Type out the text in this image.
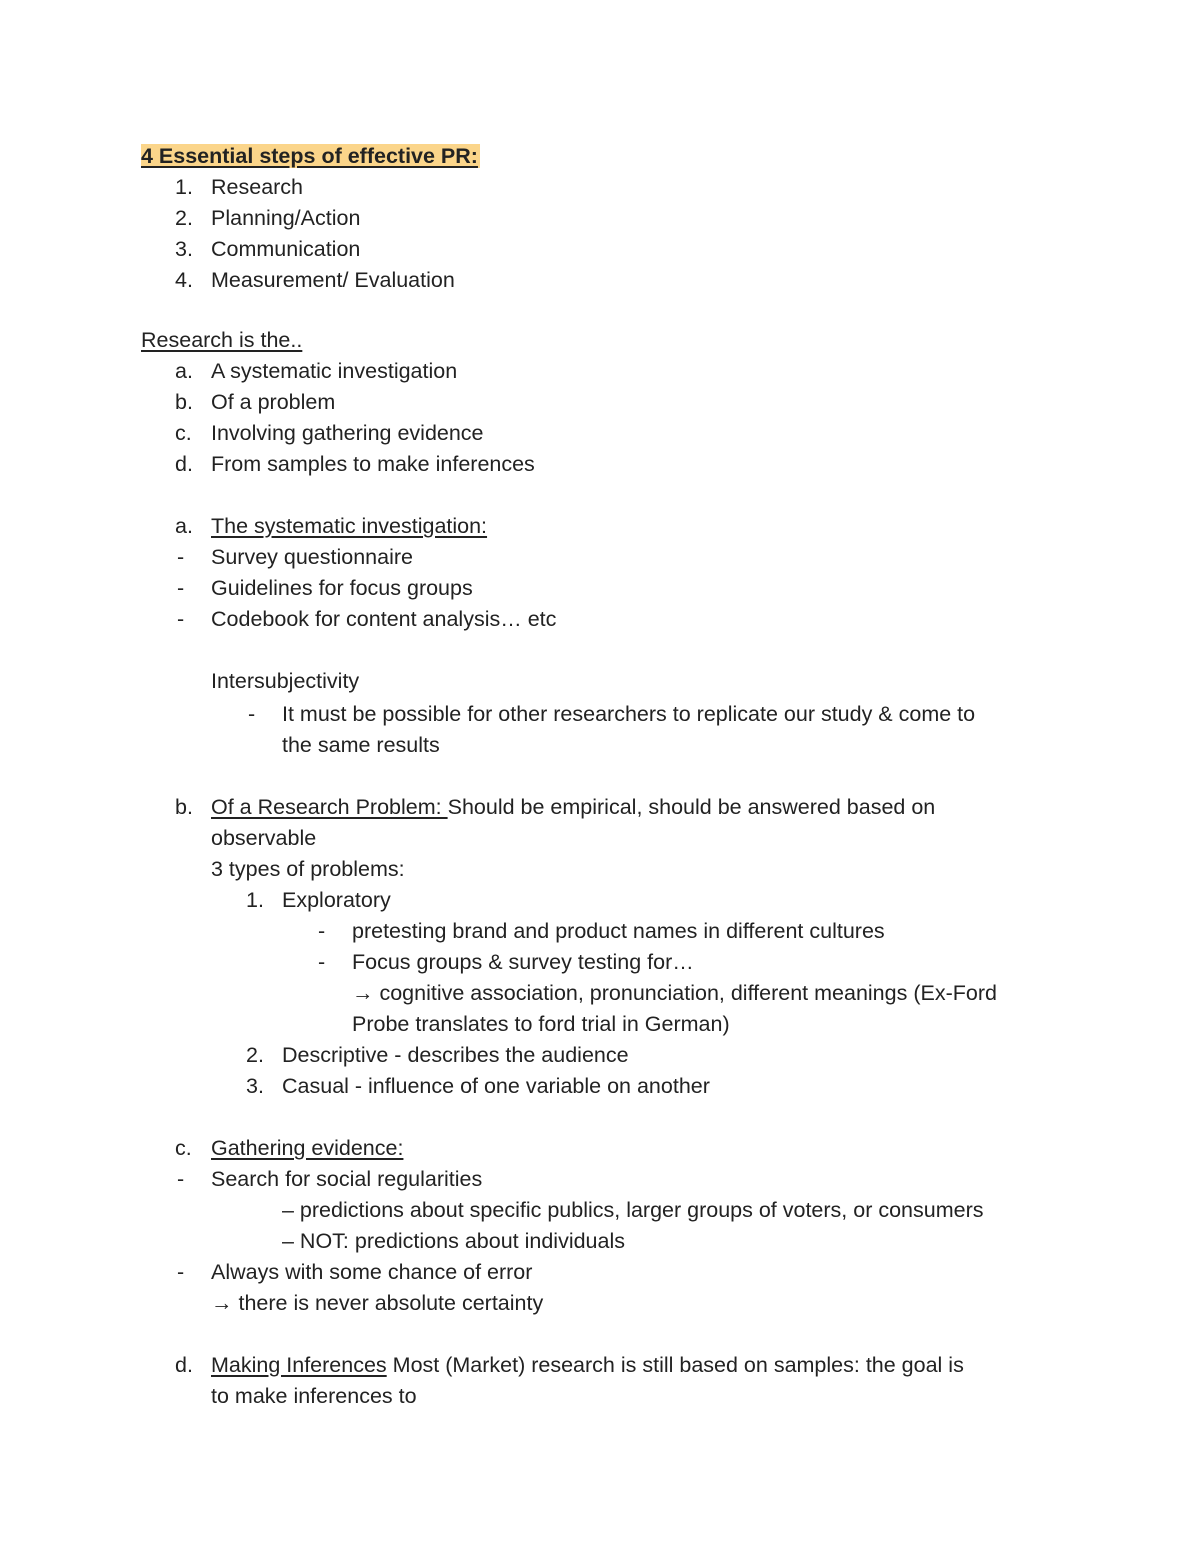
4 Essential steps of effective PR:
1. Research
2. Planning/Action
3. Communication
4. Measurement/ Evaluation
Research is the..
a. A systematic investigation
b. Of a problem
c. Involving gathering evidence
d. From samples to make inferences
a. The systematic investigation:
- Survey questionnaire
- Guidelines for focus groups
- Codebook for content analysis… etc
Intersubjectivity
- It must be possible for other researchers to replicate our study & come to
the same results
b. Of a Research Problem: Should be empirical, should be answered based on
observable
3 types of problems:
1. Exploratory
- pretesting brand and product names in different cultures
- Focus groups & survey testing for…
→ cognitive association, pronunciation, different meanings (Ex-Ford
Probe translates to ford trial in German)
2. Descriptive - describes the audience
3. Casual - influence of one variable on another
c. Gathering evidence:
- Search for social regularities
– predictions about specific publics, larger groups of voters, or consumers
– NOT: predictions about individuals
- Always with some chance of error
→ there is never absolute certainty
d. Making Inferences Most (Market) research is still based on samples: the goal is
to make inferences to
